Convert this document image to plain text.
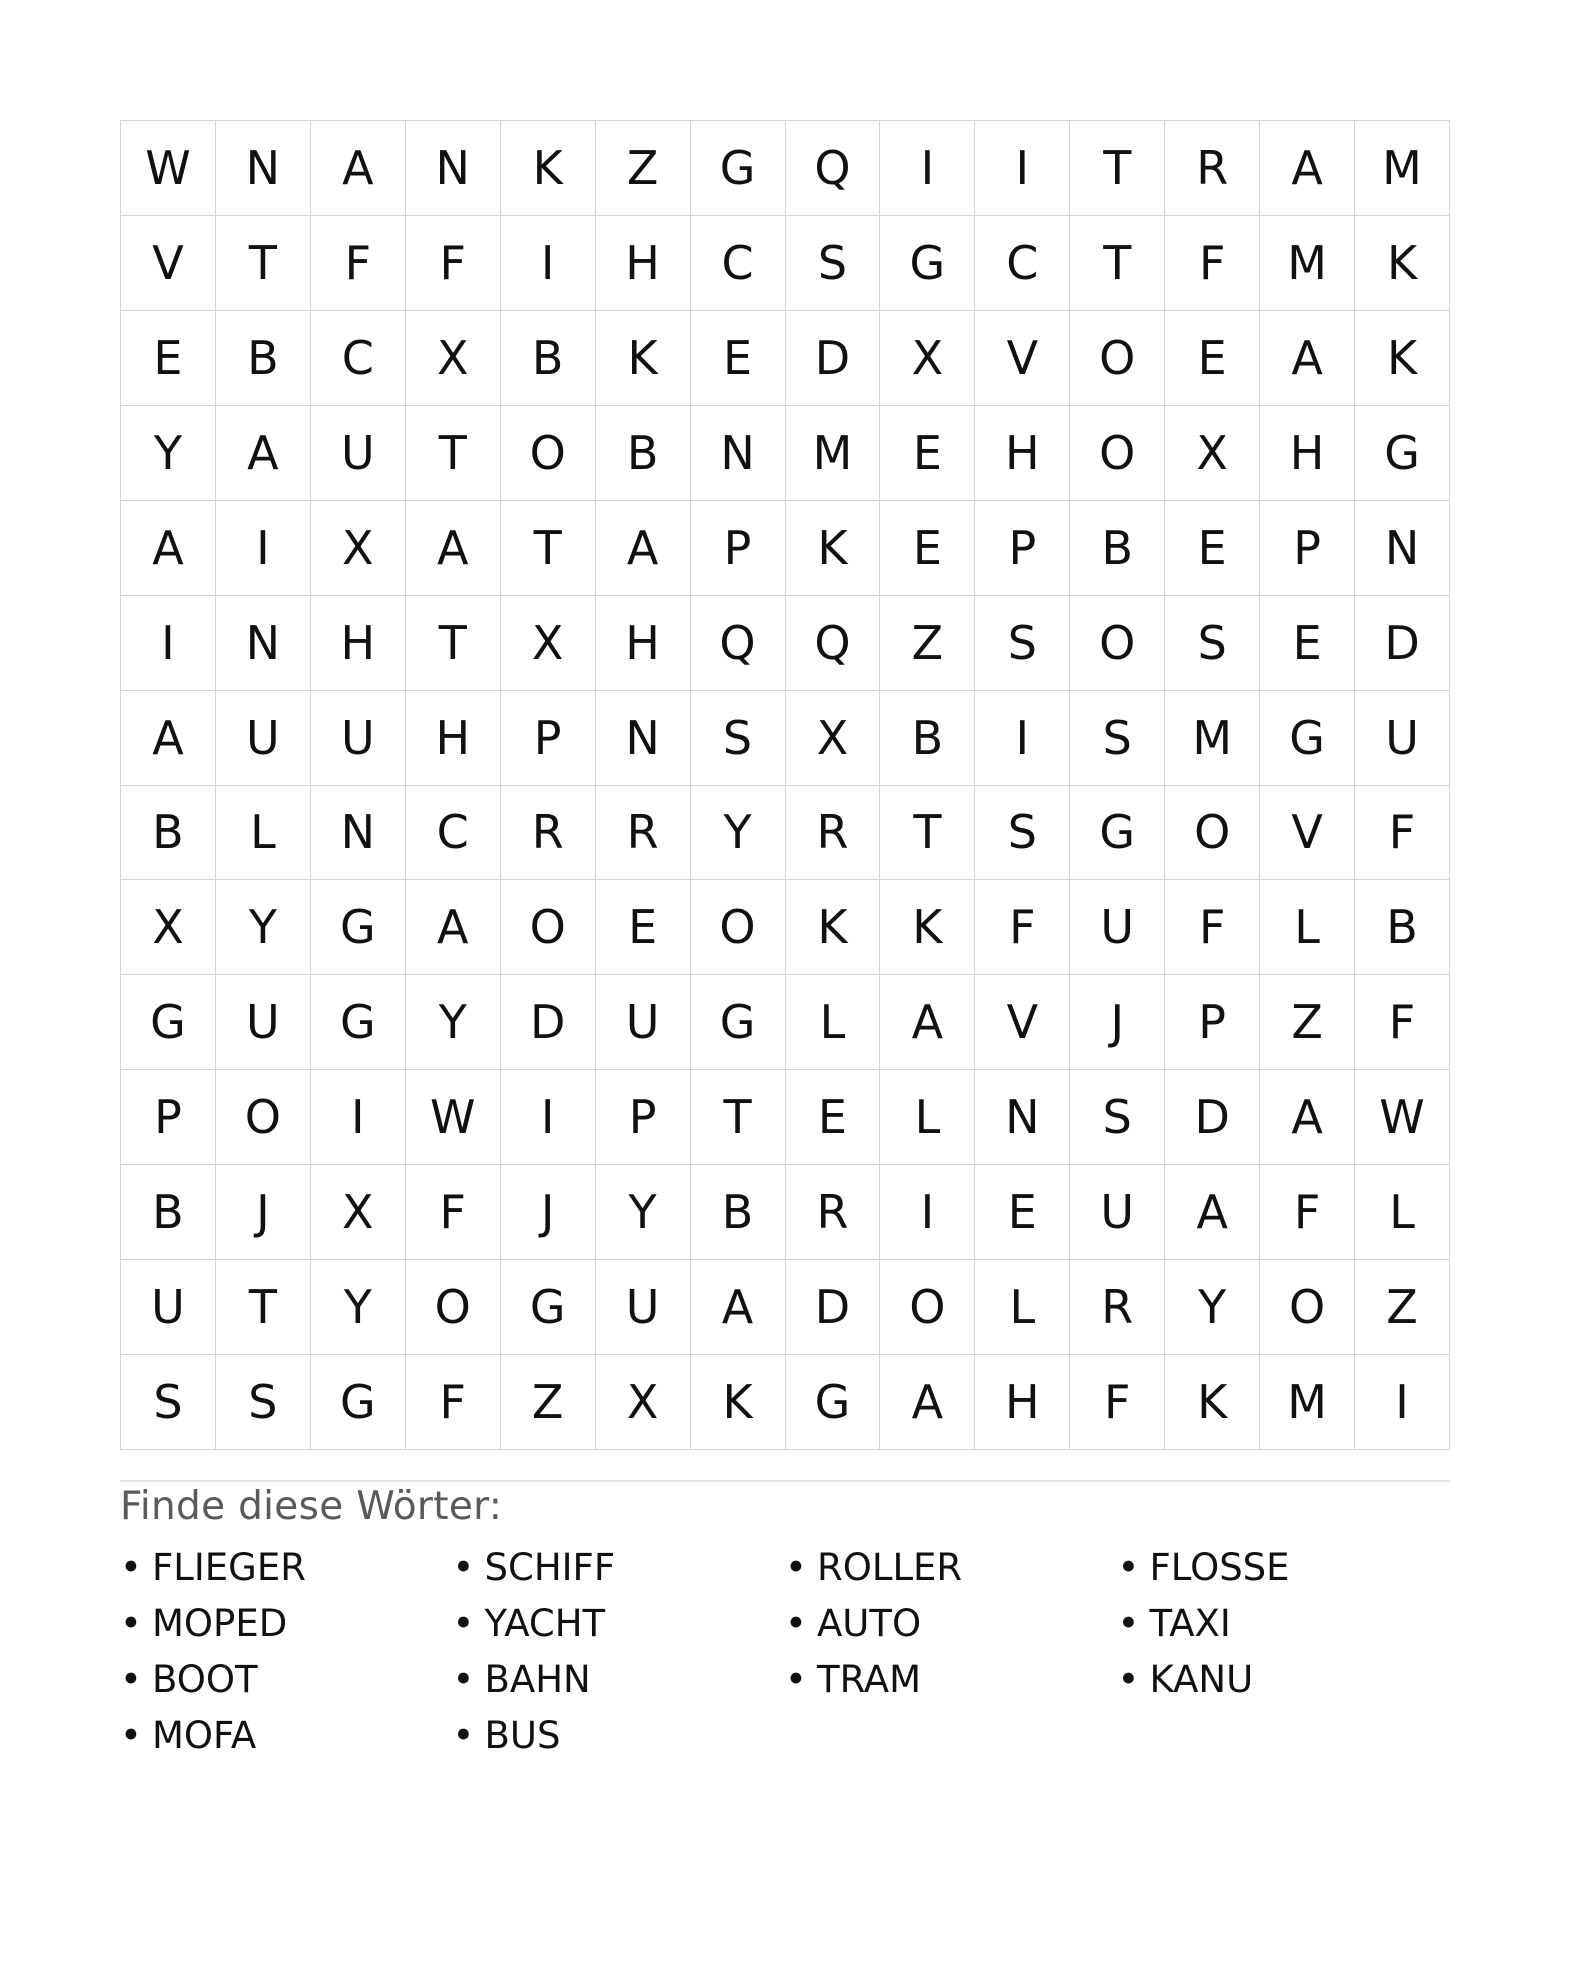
W	N	A	N	K	Z	G	Q	I	I	T	R	A	M
V	T	F	F	I	H	C	S	G	C	T	F	M	K
E	B	C	X	B	K	E	D	X	V	O	E	A	K
Y	A	U	T	O	B	N	M	E	H	O	X	H	G
A	I	X	A	T	A	P	K	E	P	B	E	P	N
I	N	H	T	X	H	Q	Q	Z	S	O	S	E	D
A	U	U	H	P	N	S	X	B	I	S	M	G	U
B	L	N	C	R	R	Y	R	T	S	G	O	V	F
X	Y	G	A	O	E	O	K	K	F	U	F	L	B
G	U	G	Y	D	U	G	L	A	V	J	P	Z	F
P	O	I	W	I	P	T	E	L	N	S	D	A	W
B	J	X	F	J	Y	B	R	I	E	U	A	F	L
U	T	Y	O	G	U	A	D	O	L	R	Y	O	Z
S	S	G	F	Z	X	K	G	A	H	F	K	M	I
Finde diese Wörter:
• FLIEGER	• SCHIFF	• ROLLER	• FLOSSE
• MOPED	• YACHT	• AUTO	• TAXI
• BOOT	• BAHN	• TRAM	• KANU
• MOFA	• BUS
